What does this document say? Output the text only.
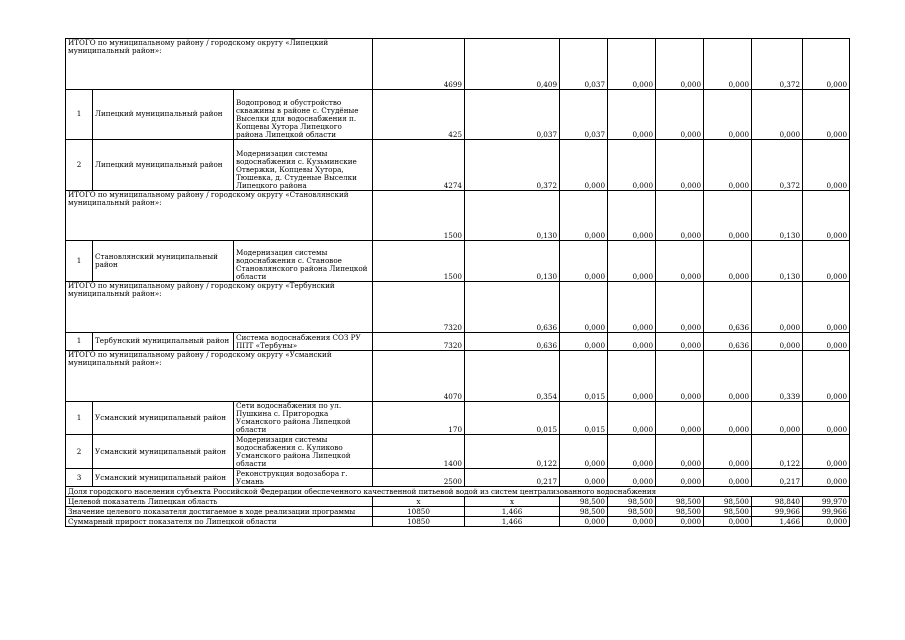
ИТОГО по муниципальному району / городскому округу «Липецкий муниципальный район»:			4699	0,409	0,037	0,000	0,000	0,000	0,372	0,000
1	Липецкий муниципальный район	Водопровод и обустройство скважины в районе с. Студёные Выселки для водоснабжения п. Копцевы Хутора Липецкого района Липецкой области	425	0,037	0,037	0,000	0,000	0,000	0,000	0,000
2	Липецкий муниципальный район	Модернизация системы водоснабжения с. Кузьминские Отвержки, Копцевы Хутора, Тюшевка, д. Студеные Выселки Липецкого района	4274	0,372	0,000	0,000	0,000	0,000	0,372	0,000
ИТОГО по муниципальному району / городскому округу «Становлянский муниципальный район»:			1500	0,130	0,000	0,000	0,000	0,000	0,130	0,000
1	Становлянский муниципальный район	Модернизация системы водоснабжения с. Становое Становлянского района Липецкой области	1500	0,130	0,000	0,000	0,000	0,000	0,130	0,000
ИТОГО по муниципальному району / городскому округу «Тербунский муниципальный район»:			7320	0,636	0,000	0,000	0,000	0,636	0,000	0,000
1	Тербунский муниципальный район	Система водоснабжения СОЗ РУ ППТ «Тербуны»	7320	0,636	0,000	0,000	0,000	0,636	0,000	0,000
ИТОГО по муниципальному району / городскому округу «Усманский муниципальный район»:			4070	0,354	0,015	0,000	0,000	0,000	0,339	0,000
1	Усманский муниципальный район	Сети водоснабжения по ул. Пушкина с. Пригородка Усманского района Липецкой области	170	0,015	0,015	0,000	0,000	0,000	0,000	0,000
2	Усманский муниципальный район	Модернизация системы водоснабжения с. Куликово Усманского района Липецкой области	1400	0,122	0,000	0,000	0,000	0,000	0,122	0,000
3	Усманский муниципальный район	Реконструкция водозабора г. Усмань	2500	0,217	0,000	0,000	0,000	0,000	0,217	0,000
Доля городского населения субъекта Российской Федерации обеспеченного качественной питьевой водой из систем централизованного водоснабжения										
Целевой показатель Липецкая область			х	х	98,500	98,500	98,500	98,500	98,840	99,970
Значение целевого показателя достигаемое в ходе реализации программы			10850	1,466	98,500	98,500	98,500	98,500	99,966	99,966
Суммарный прирост показателя по Липецкой области			10850	1,466	0,000	0,000	0,000	0,000	1,466	0,000
